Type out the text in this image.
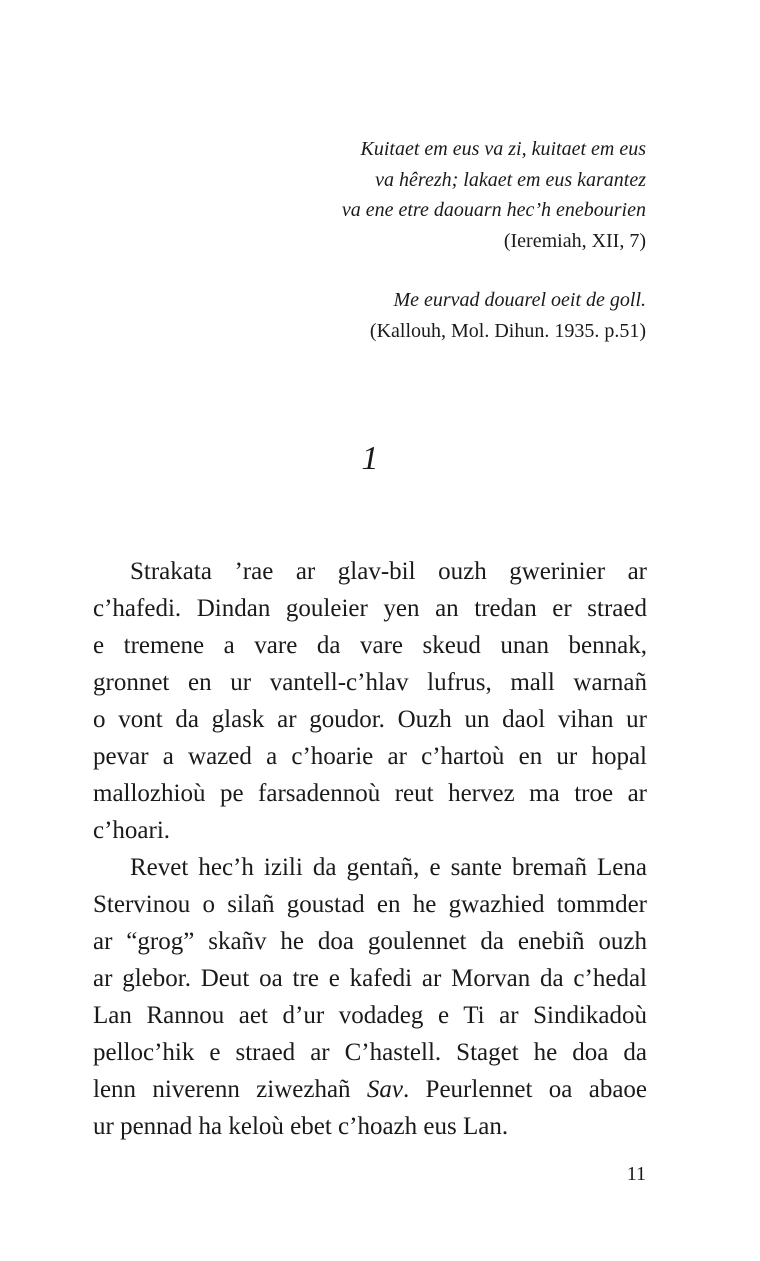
Kuitaet em eus va zi, kuitaet em eus
va hêrezh; lakaet em eus karantez
va ene etre daouarn hec’h enebourien
(Ieremiah, XII, 7)
Me eurvad douarel oeit de goll.
(Kallouh, Mol. Dihun. 1935. p.51)
1
Strakata ’rae ar glav-bil ouzh gwerinier ar
c’hafedi. Dindan gouleier yen an tredan er straed
e tremene a vare da vare skeud unan bennak,
gronnet en ur vantell-c’hlav lufrus, mall warnañ
o vont da glask ar goudor. Ouzh un daol vihan ur
pevar a wazed a c’hoarie ar c’hartoù en ur hopal
mallozhioù pe farsadennoù reut hervez ma troe ar
c’hoari.
Revet hec’h izili da gentañ, e sante bremañ Lena
Stervinou o silañ goustad en he gwazhied tommder
ar “grog” skañv he doa goulennet da enebiñ ouzh
ar glebor. Deut oa tre e kafedi ar Morvan da c’hedal
Lan Rannou aet d’ur vodadeg e Ti ar Sindikadoù
pelloc’hik e straed ar C’hastell. Staget he doa da
lenn niverenn ziwezhañ Sav. Peurlennet oa abaoe
ur pennad ha keloù ebet c’hoazh eus Lan.
11
